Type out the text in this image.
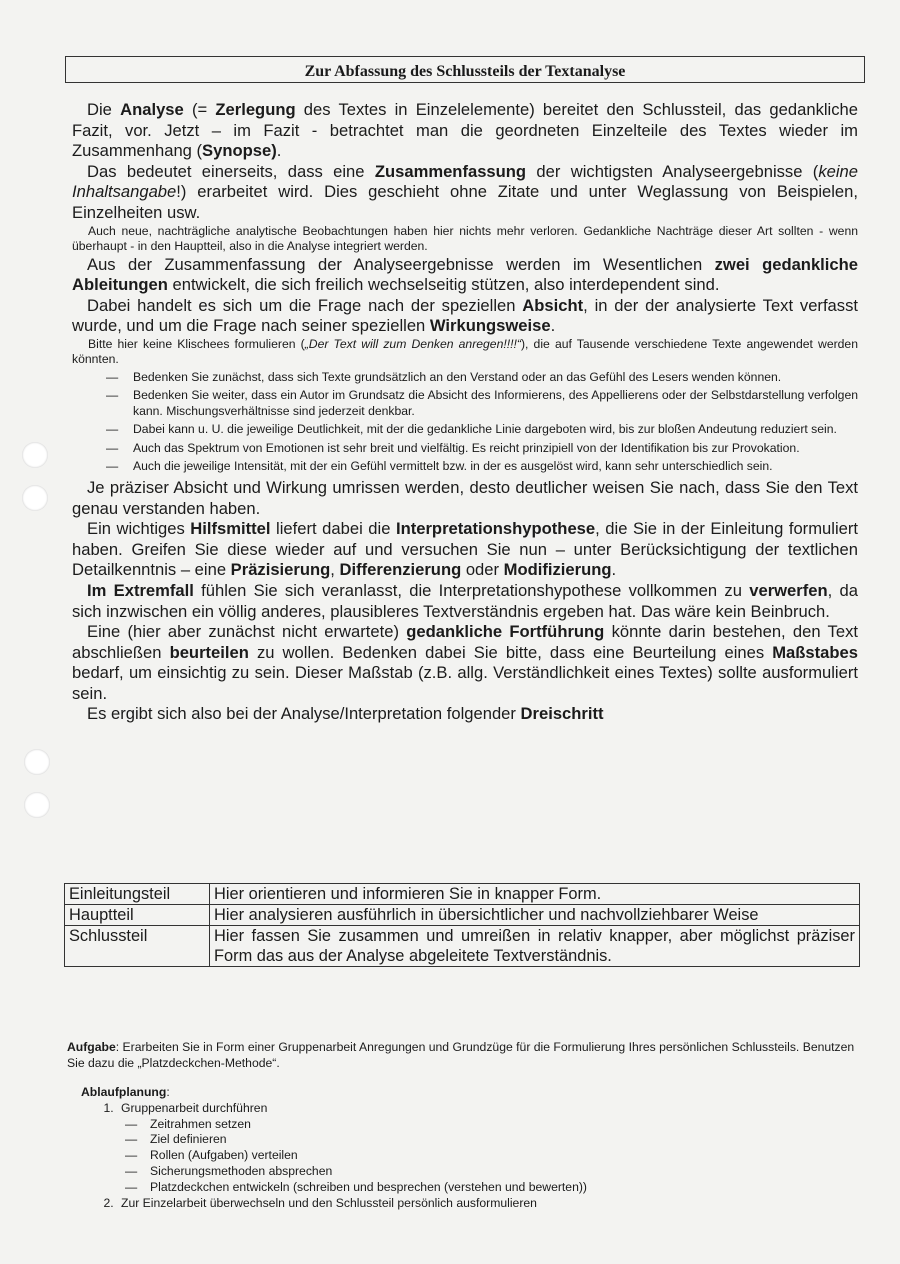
Zur Abfassung des Schlussteils der Textanalyse

Die Analyse (= Zerlegung des Textes in Einzelelemente) bereitet den Schlussteil, das gedankliche Fazit, vor. Jetzt – im Fazit - betrachtet man die geordneten Einzelteile des Textes wieder im Zusammenhang (Synopse).

Das bedeutet einerseits, dass eine Zusammenfassung der wichtigsten Analyseergebnisse (keine Inhaltsangabe!) erarbeitet wird. Dies geschieht ohne Zitate und unter Weglassung von Beispielen, Einzelheiten usw.

Auch neue, nachträgliche analytische Beobachtungen haben hier nichts mehr verloren. Gedankliche Nachträge dieser Art sollten - wenn überhaupt - in den Hauptteil, also in die Analyse integriert werden.

Aus der Zusammenfassung der Analyseergebnisse werden im Wesentlichen zwei gedankliche Ableitungen entwickelt, die sich freilich wechselseitig stützen, also interdependent sind.

Dabei handelt es sich um die Frage nach der speziellen Absicht, in der der analysierte Text verfasst wurde, und um die Frage nach seiner speziellen Wirkungsweise.

Bitte hier keine Klischees formulieren („Der Text will zum Denken anregen!!!!“), die auf Tausende verschiedene Texte angewendet werden könnten.

— Bedenken Sie zunächst, dass sich Texte grundsätzlich an den Verstand oder an das Gefühl des Lesers wenden können.
— Bedenken Sie weiter, dass ein Autor im Grundsatz die Absicht des Informierens, des Appellierens oder der Selbstdarstellung verfolgen kann. Mischungsverhältnisse sind jederzeit denkbar.
— Dabei kann u. U. die jeweilige Deutlichkeit, mit der die gedankliche Linie dargeboten wird, bis zur bloßen Andeutung reduziert sein.
— Auch das Spektrum von Emotionen ist sehr breit und vielfältig. Es reicht prinzipiell von der Identifikation bis zur Provokation.
— Auch die jeweilige Intensität, mit der ein Gefühl vermittelt bzw. in der es ausgelöst wird, kann sehr unterschiedlich sein.

Je präziser Absicht und Wirkung umrissen werden, desto deutlicher weisen Sie nach, dass Sie den Text genau verstanden haben.

Ein wichtiges Hilfsmittel liefert dabei die Interpretationshypothese, die Sie in der Einleitung formuliert haben. Greifen Sie diese wieder auf und versuchen Sie nun – unter Berücksichtigung der textlichen Detailkenntnis – eine Präzisierung, Differenzierung oder Modifizierung.

Im Extremfall fühlen Sie sich veranlasst, die Interpretationshypothese vollkommen zu verwerfen, da sich inzwischen ein völlig anderes, plausibleres Textverständnis ergeben hat. Das wäre kein Beinbruch.

Eine (hier aber zunächst nicht erwartete) gedankliche Fortführung könnte darin bestehen, den Text abschließen beurteilen zu wollen. Bedenken dabei Sie bitte, dass eine Beurteilung eines Maßstabes bedarf, um einsichtig zu sein. Dieser Maßstab (z.B. allg. Verständlichkeit eines Textes) sollte ausformuliert sein.

Es ergibt sich also bei der Analyse/Interpretation folgender Dreischritt

Einleitungsteil	Hier orientieren und informieren Sie in knapper Form.
Hauptteil	Hier analysieren ausführlich in übersichtlicher und nachvollziehbarer Weise
Schlussteil	Hier fassen Sie zusammen und umreißen in relativ knapper, aber möglichst präziser Form das aus der Analyse abgeleitete Textverständnis.
Aufgabe: Erarbeiten Sie in Form einer Gruppenarbeit Anregungen und Grundzüge für die Formulierung Ihres persönlichen Schlussteils. Benutzen Sie dazu die „Platzdeckchen-Methode“.
Ablaufplanung:
1. Gruppenarbeit durchführen
— Zeitrahmen setzen
— Ziel definieren
— Rollen (Aufgaben) verteilen
— Sicherungsmethoden absprechen
— Platzdeckchen entwickeln (schreiben und besprechen (verstehen und bewerten))
2. Zur Einzelarbeit überwechseln und den Schlussteil persönlich ausformulieren
